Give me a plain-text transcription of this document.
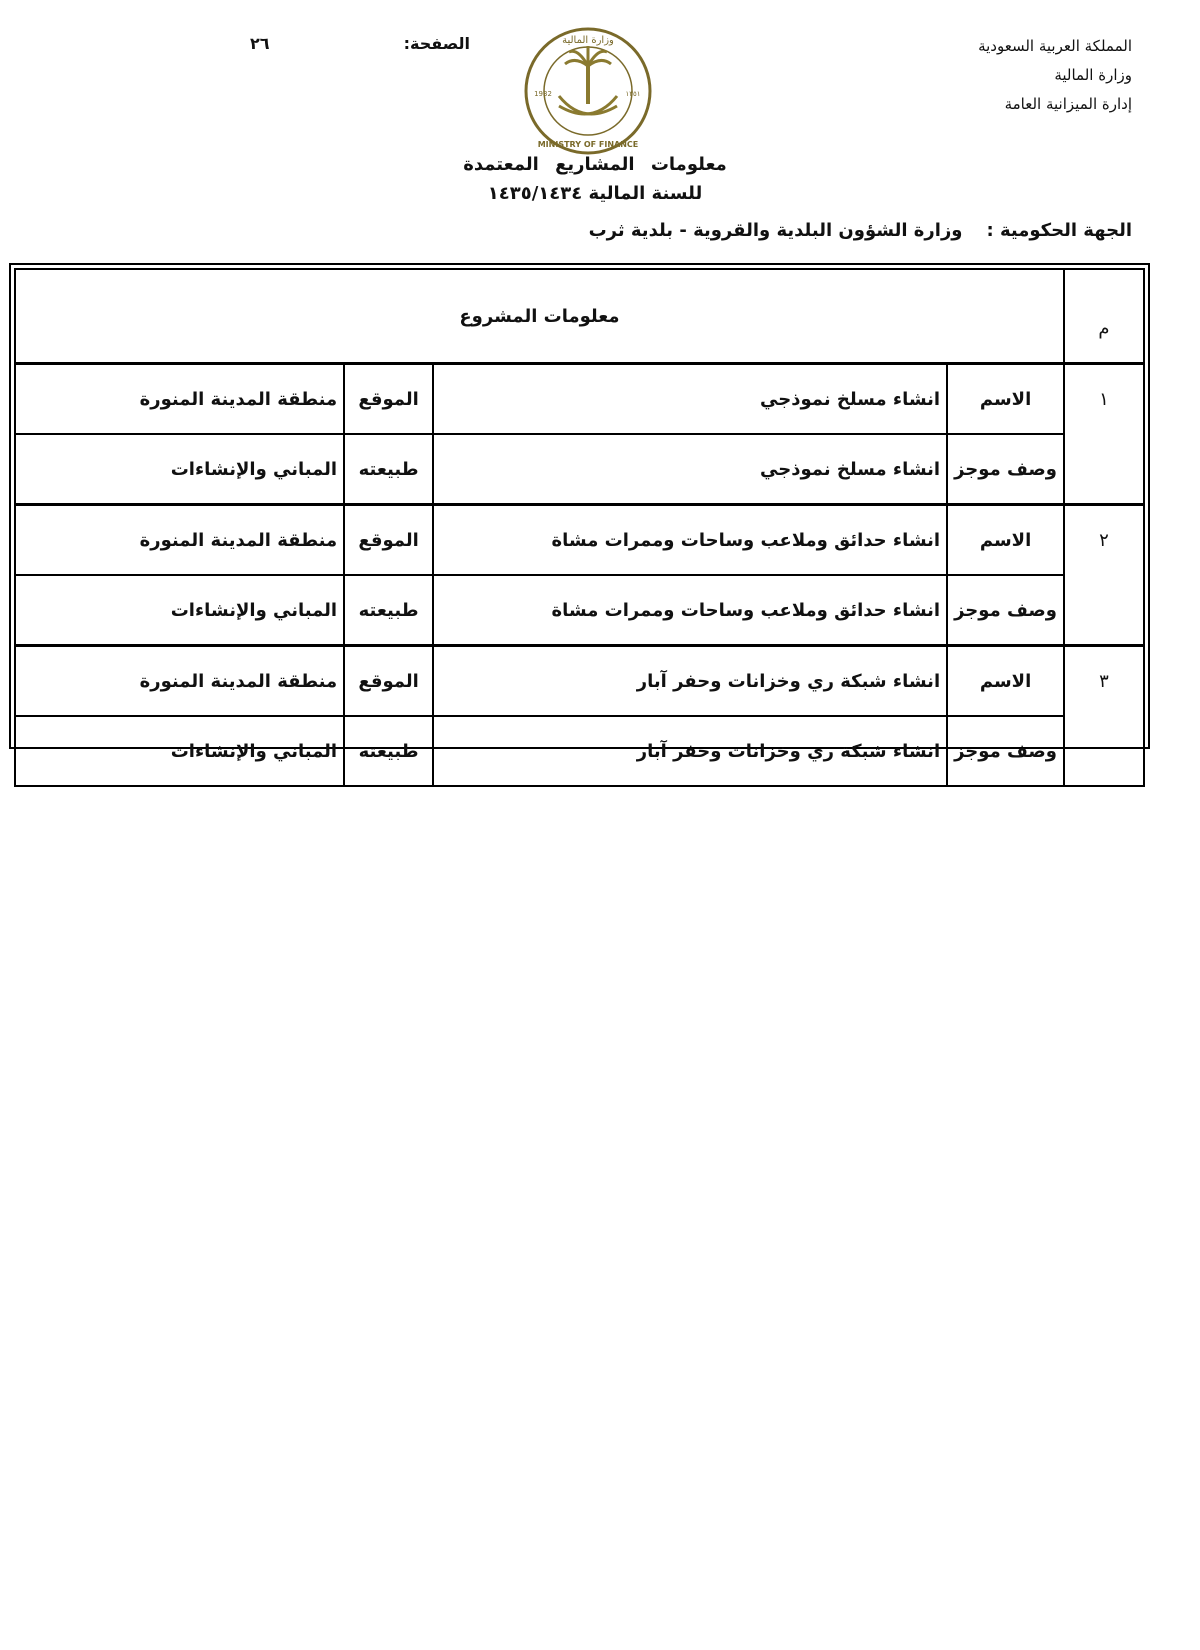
المملكة العربية السعودية
وزارة المالية
إدارة الميزانية العامة
الصفحة:
٢٦	وزارة المالية
MINISTRY OF FINANCE
1932	١٣٥١
معلومات المشاريع المعتمدة
للسنة المالية ١٤٣٥/١٤٣٤
الجهة الحكومية :وزارة الشؤون البلدية والقروية - بلدية ثرب
م	معلومات المشروع			
١	الاسم	انشاء مسلخ نموذجي	الموقع	منطقة المدينة المنورة
	وصف موجز	انشاء مسلخ نموذجي	طبيعته	المباني والإنشاءات
٢	الاسم	انشاء حدائق وملاعب وساحات وممرات مشاة	الموقع	منطقة المدينة المنورة
	وصف موجز	انشاء حدائق وملاعب وساحات وممرات مشاة	طبيعته	المباني والإنشاءات
٣	الاسم	انشاء شبكة ري وخزانات وحفر آبار	الموقع	منطقة المدينة المنورة
	وصف موجز	انشاء شبكة ري وخزانات وحفر آبار	طبيعته	المباني والإنشاءات
